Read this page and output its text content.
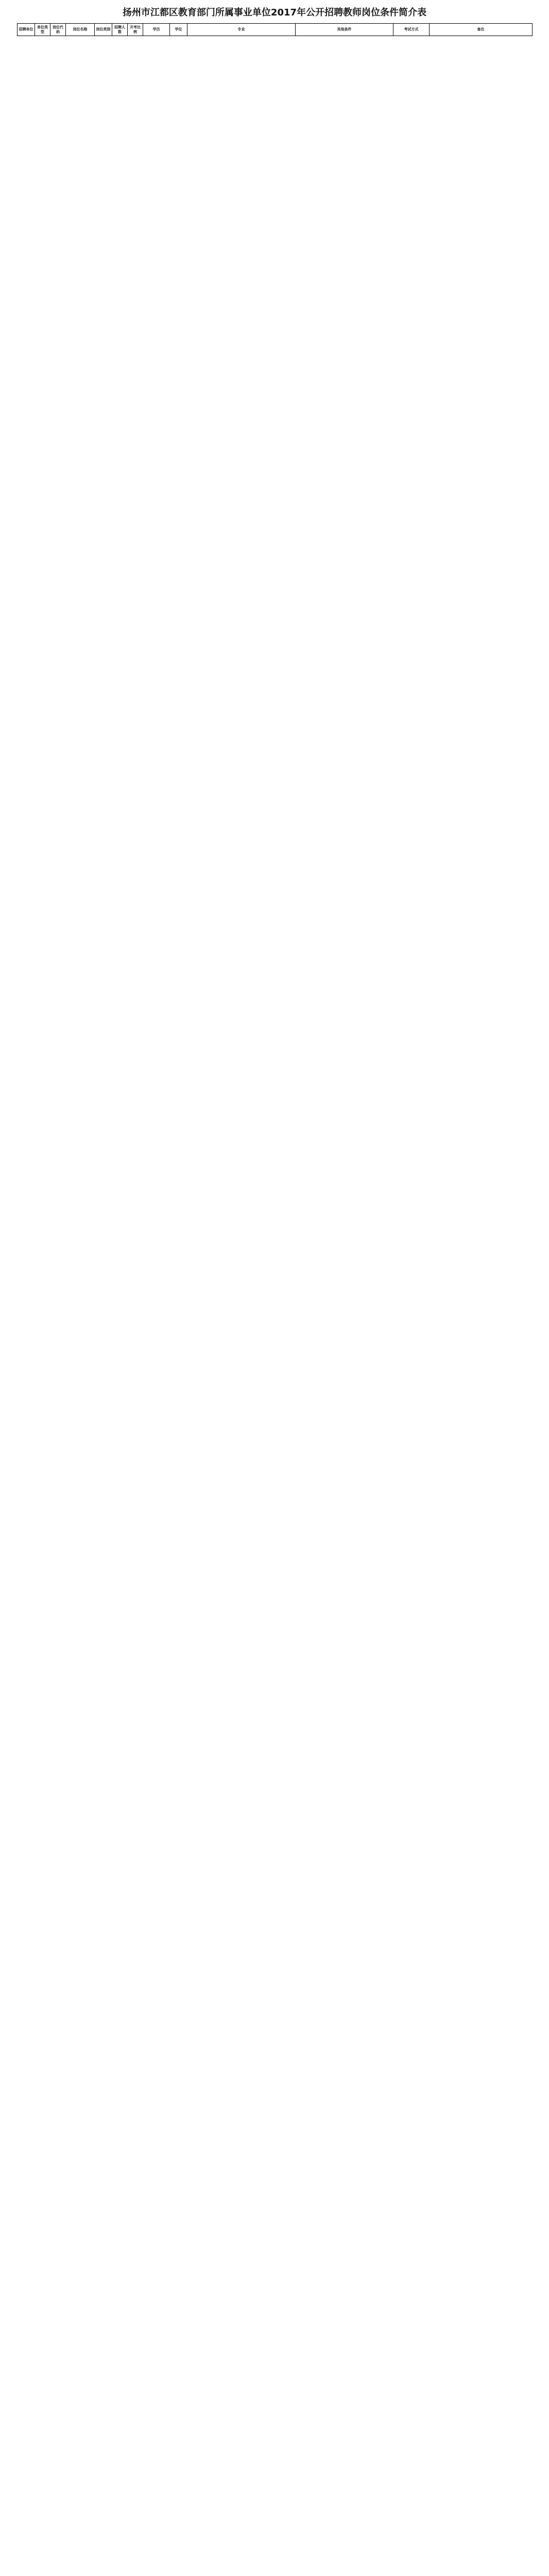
扬州市江都区教育部门所属事业单位2017年公开招聘教师岗位条件简介表
招聘单位	单位类型	岗位代码	岗位名称	岗位类别	招聘人数	开考比例	学历	学位	专业	其他条件	考试方式	备注
